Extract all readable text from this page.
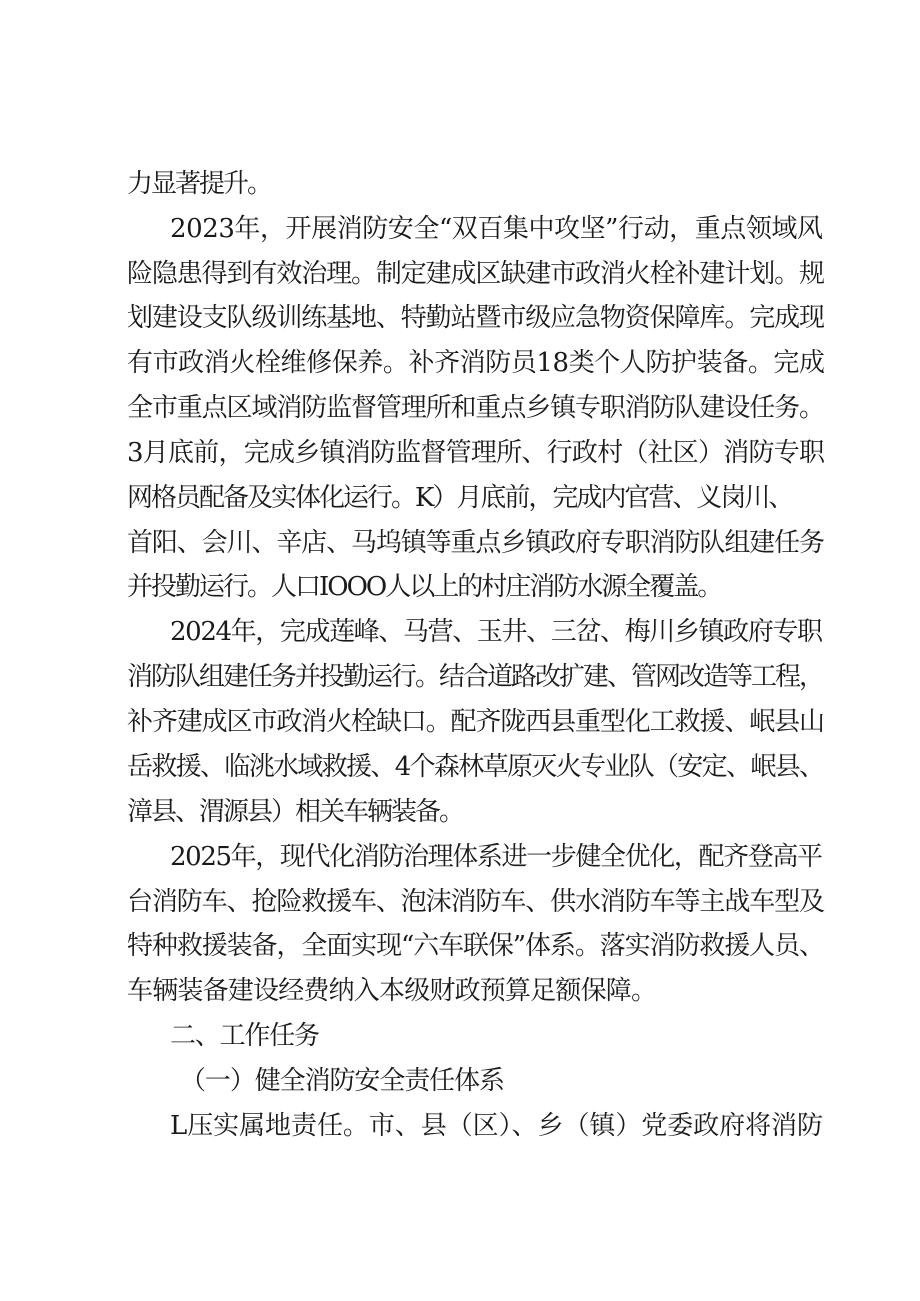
力显著提升。
2023年，开展消防安全“双百集中攻坚”行动，重点领域风
险隐患得到有效治理。制定建成区缺建市政消火栓补建计划。规
划建设支队级训练基地、特勤站暨市级应急物资保障库。完成现
有市政消火栓维修保养。补齐消防员18类个人防护装备。完成
全市重点区域消防监督管理所和重点乡镇专职消防队建设任务。
3月底前，完成乡镇消防监督管理所、行政村（社区）消防专职
网格员配备及实体化运行。K）月底前，完成内官营、义岗川、
首阳、会川、辛店、马坞镇等重点乡镇政府专职消防队组建任务
并投勤运行。人口IOOO人以上的村庄消防水源全覆盖。
2024年，完成莲峰、马营、玉井、三岔、梅川乡镇政府专职
消防队组建任务并投勤运行。结合道路改扩建、管网改造等工程，
补齐建成区市政消火栓缺口。配齐陇西县重型化工救援、岷县山
岳救援、临洮水域救援、4个森林草原灭火专业队（安定、岷县、
漳县、渭源县）相关车辆装备。
2025年，现代化消防治理体系进一步健全优化，配齐登高平
台消防车、抢险救援车、泡沫消防车、供水消防车等主战车型及
特种救援装备，全面实现“六车联保”体系。落实消防救援人员、
车辆装备建设经费纳入本级财政预算足额保障。
二、工作任务
（一）健全消防安全责任体系
L压实属地责任。市、县（区）、乡（镇）党委政府将消防
